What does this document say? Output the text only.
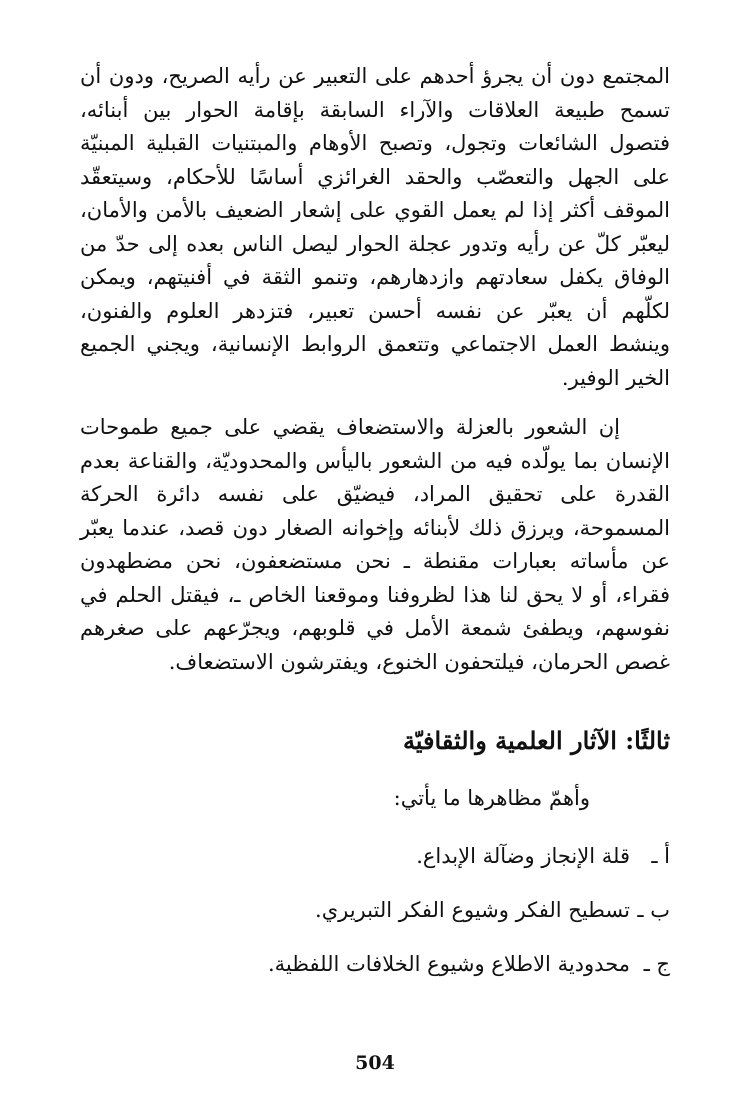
المجتمع دون أن يجرؤ أحدهم على التعبير عن رأيه الصريح، ودون أن تسمح طبيعة العلاقات والآراء السابقة بإقامة الحوار بين أبنائه، فتصول الشائعات وتجول، وتصبح الأوهام والمبتنيات القبلية المبنيّة على الجهل والتعصّب والحقد الغرائزي أساسًا للأحكام، وسيتعقّد الموقف أكثر إذا لم يعمل القوي على إشعار الضعيف بالأمن والأمان، ليعبّر كلّ عن رأيه وتدور عجلة الحوار ليصل الناس بعده إلى حدّ من الوفاق يكفل سعادتهم وازدهارهم، وتنمو الثقة في أفنيتهم، ويمكن لكلّهم أن يعبّر عن نفسه أحسن تعبير، فتزدهر العلوم والفنون، وينشط العمل الاجتماعي وتتعمق الروابط الإنسانية، ويجني الجميع الخير الوفير.

إن الشعور بالعزلة والاستضعاف يقضي على جميع طموحات الإنسان بما يولّده فيه من الشعور باليأس والمحدوديّة، والقناعة بعدم القدرة على تحقيق المراد، فيضيّق على نفسه دائرة الحركة المسموحة، ويرزق ذلك لأبنائه وإخوانه الصغار دون قصد، عندما يعبّر عن مأساته بعبارات مقنطة ـ نحن مستضعفون، نحن مضطهدون فقراء، أو لا يحق لنا هذا لظروفنا وموقعنا الخاص ـ، فيقتل الحلم في نفوسهم، ويطفئ شمعة الأمل في قلوبهم، ويجرّعهم على صغرهم غصص الحرمان، فيلتحفون الخنوع، ويفترشون الاستضعاف.

ثالثًا: الآثار العلمية والثقافيّة
وأهمّ مظاهرها ما يأتي:
أ ـ
قلة الإنجاز وضآلة الإبداع.
ب ـ
تسطيح الفكر وشيوع الفكر التبريري.
ج ـ
محدودية الاطلاع وشيوع الخلافات اللفظية.
504
